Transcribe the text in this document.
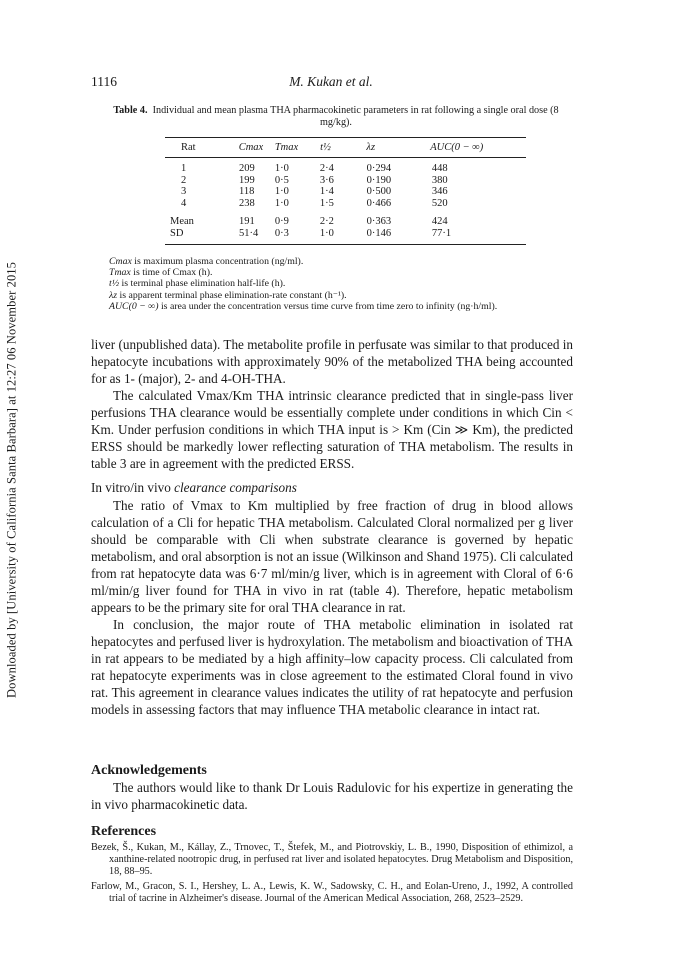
Downloaded by [University of California Santa Barbara] at 12:27 06 November 2015
1116	M. Kukan et al.
Table 4. Individual and mean plasma THA pharmacokinetic parameters in rat following a single oral dose (8 mg/kg).
Rat	Cmax	Tmax	t½	λz	AUC(0 − ∞)

1	209	1·0	2·4	0·294	448
2	199	0·5	3·6	0·190	380
3	118	1·0	1·4	0·500	346
4	238	1·0	1·5	0·466	520

Mean	191	0·9	2·2	0·363	424
SD	51·4	0·3	1·0	0·146	77·1

Cmax is maximum plasma concentration (ng/ml).
Tmax is time of Cmax (h).
t½ is terminal phase elimination half-life (h).
λz is apparent terminal phase elimination-rate constant (h⁻¹).
AUC(0 − ∞) is area under the concentration versus time curve from time zero to infinity (ng·h/ml).

liver (unpublished data). The metabolite profile in perfusate was similar to that produced in hepatocyte incubations with approximately 90% of the metabolized THA being accounted for as 1- (major), 2- and 4-OH-THA.

The calculated Vmax/Km THA intrinsic clearance predicted that in single-pass liver perfusions THA clearance would be essentially complete under conditions in which Cin < Km. Under perfusion conditions in which THA input is > Km (Cin ≫ Km), the predicted ERSS should be markedly lower reflecting saturation of THA metabolism. The results in table 3 are in agreement with the predicted ERSS.

In vitro/in vivo clearance comparisons

The ratio of Vmax to Km multiplied by free fraction of drug in blood allows calculation of a Cli for hepatic THA metabolism. Calculated Cloral normalized per g liver should be comparable with Cli when substrate clearance is governed by hepatic metabolism, and oral absorption is not an issue (Wilkinson and Shand 1975). Cli calculated from rat hepatocyte data was 6·7 ml/min/g liver, which is in agreement with Cloral of 6·6 ml/min/g liver found for THA in vivo in rat (table 4). Therefore, hepatic metabolism appears to be the primary site for oral THA clearance in rat.

In conclusion, the major route of THA metabolic elimination in isolated rat hepatocytes and perfused liver is hydroxylation. The metabolism and bioactivation of THA in rat appears to be mediated by a high affinity–low capacity process. Cli calculated from rat hepatocyte experiments was in close agreement to the estimated Cloral found in vivo rat. This agreement in clearance values indicates the utility of rat hepatocyte and perfusion models in assessing factors that may influence THA metabolic clearance in intact rat.

Acknowledgements

The authors would like to thank Dr Louis Radulovic for his expertize in generating the in vivo pharmacokinetic data.

References

Bezek, Š., Kukan, M., Kállay, Z., Trnovec, T., Štefek, M., and Piotrovskiy, L. B., 1990, Disposition of ethimizol, a xanthine-related nootropic drug, in perfused rat liver and isolated hepatocytes. Drug Metabolism and Disposition, 18, 88–95.

Farlow, M., Gracon, S. I., Hershey, L. A., Lewis, K. W., Sadowsky, C. H., and Eolan-Ureno, J., 1992, A controlled trial of tacrine in Alzheimer's disease. Journal of the American Medical Association, 268, 2523–2529.
